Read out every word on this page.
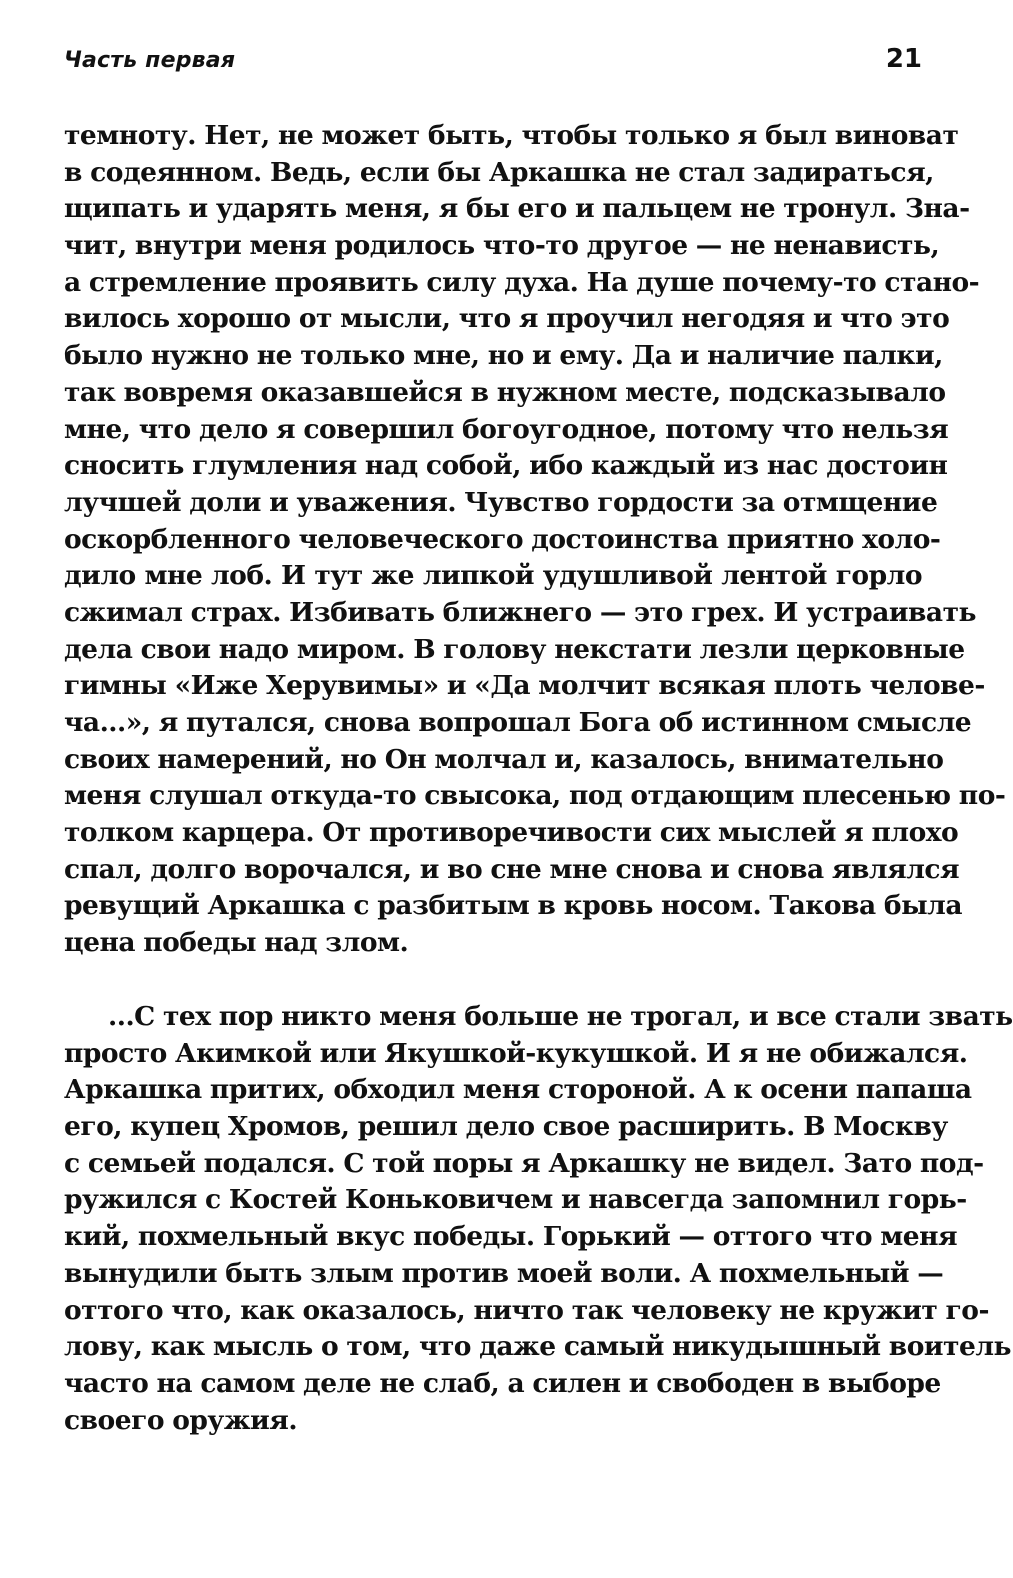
Часть первая	21
темноту. Нет, не может быть, чтобы только я был виноват
в содеянном. Ведь, если бы Аркашка не стал задираться,
щипать и ударять меня, я бы его и пальцем не тронул. Зна-
чит, внутри меня родилось что-то другое — не ненависть,
а стремление проявить силу духа. На душе почему-то стано-
вилось хорошо от мысли, что я проучил негодяя и что это
было нужно не только мне, но и ему. Да и наличие палки,
так вовремя оказавшейся в нужном месте, подсказывало
мне, что дело я совершил богоугодное, потому что нельзя
сносить глумления над собой, ибо каждый из нас достоин
лучшей доли и уважения. Чувство гордости за отмщение
оскорбленного человеческого достоинства приятно холо-
дило мне лоб. И тут же липкой удушливой лентой горло
сжимал страх. Избивать ближнего — это грех. И устраивать
дела свои надо миром. В голову некстати лезли церковные
гимны «Иже Херувимы» и «Да молчит всякая плоть челове-
ча...», я путался, снова вопрошал Бога об истинном смысле
своих намерений, но Он молчал и, казалось, внимательно
меня слушал откуда-то свысока, под отдающим плесенью по-
толком карцера. От противоречивости сих мыслей я плохо
спал, долго ворочался, и во сне мне снова и снова являлся
ревущий Аркашка с разбитым в кровь носом. Такова была
цена победы над злом.
...С тех пор никто меня больше не трогал, и все стали звать
просто Акимкой или Якушкой-кукушкой. И я не обижался.
Аркашка притих, обходил меня стороной. А к осени папаша
его, купец Хромов, решил дело свое расширить. В Москву
с семьей подался. С той поры я Аркашку не видел. Зато под-
ружился с Костей Коньковичем и навсегда запомнил горь-
кий, похмельный вкус победы. Горький — оттого что меня
вынудили быть злым против моей воли. А похмельный —
оттого что, как оказалось, ничто так человеку не кружит го-
лову, как мысль о том, что даже самый никудышный воитель
часто на самом деле не слаб, а силен и свободен в выборе
своего оружия.
